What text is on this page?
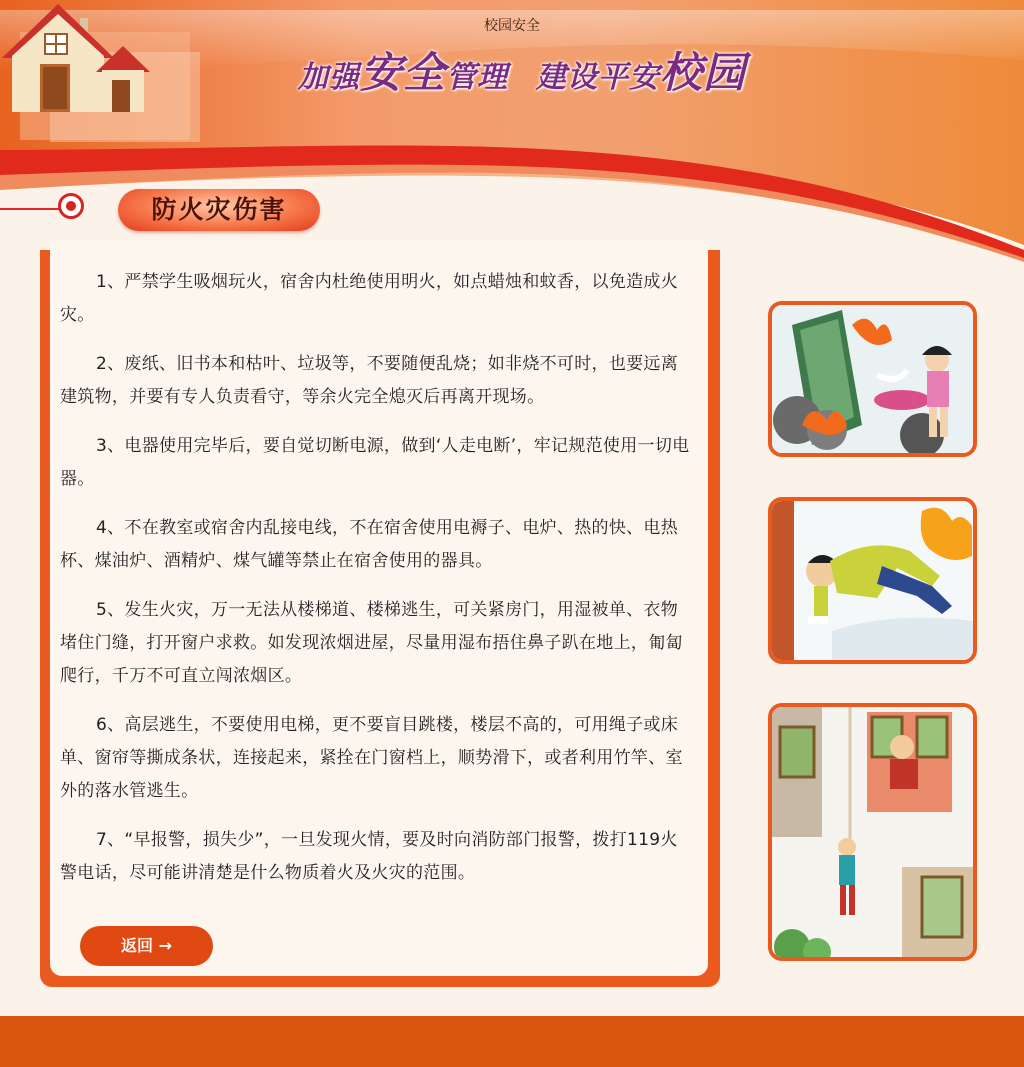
加强安全管理 建设平安校园
防火灾伤害

1、严禁学生吸烟玩火，宿舍内杜绝使用明火，如点蜡烛和蚊香，以免造成火灾。

2、废纸、旧书本和枯叶、垃圾等，不要随便乱烧；如非烧不可时，也要远离建筑物，并要有专人负责看守，等余火完全熄灭后再离开现场。

3、电器使用完毕后，要自觉切断电源，做到‘人走电断’，牢记规范使用一切电器。

4、不在教室或宿舍内乱接电线，不在宿舍使用电褥子、电炉、热的快、电热杯、煤油炉、酒精炉、煤气罐等禁止在宿舍使用的器具。

5、发生火灾，万一无法从楼梯道、楼梯逃生，可关紧房门，用湿被单、衣物堵住门缝，打开窗户求救。如发现浓烟进屋，尽量用湿布捂住鼻子趴在地上，匍匐爬行，千万不可直立闯浓烟区。

6、高层逃生，不要使用电梯，更不要盲目跳楼，楼层不高的，可用绳子或床单、窗帘等撕成条状，连接起来，紧拴在门窗档上，顺势滑下，或者利用竹竿、室外的落水管逃生。

7、“早报警，损失少”，一旦发现火情，要及时向消防部门报警，拨打119火警电话，尽可能讲清楚是什么物质着火及火灾的范围。

返回 →
校园安全
